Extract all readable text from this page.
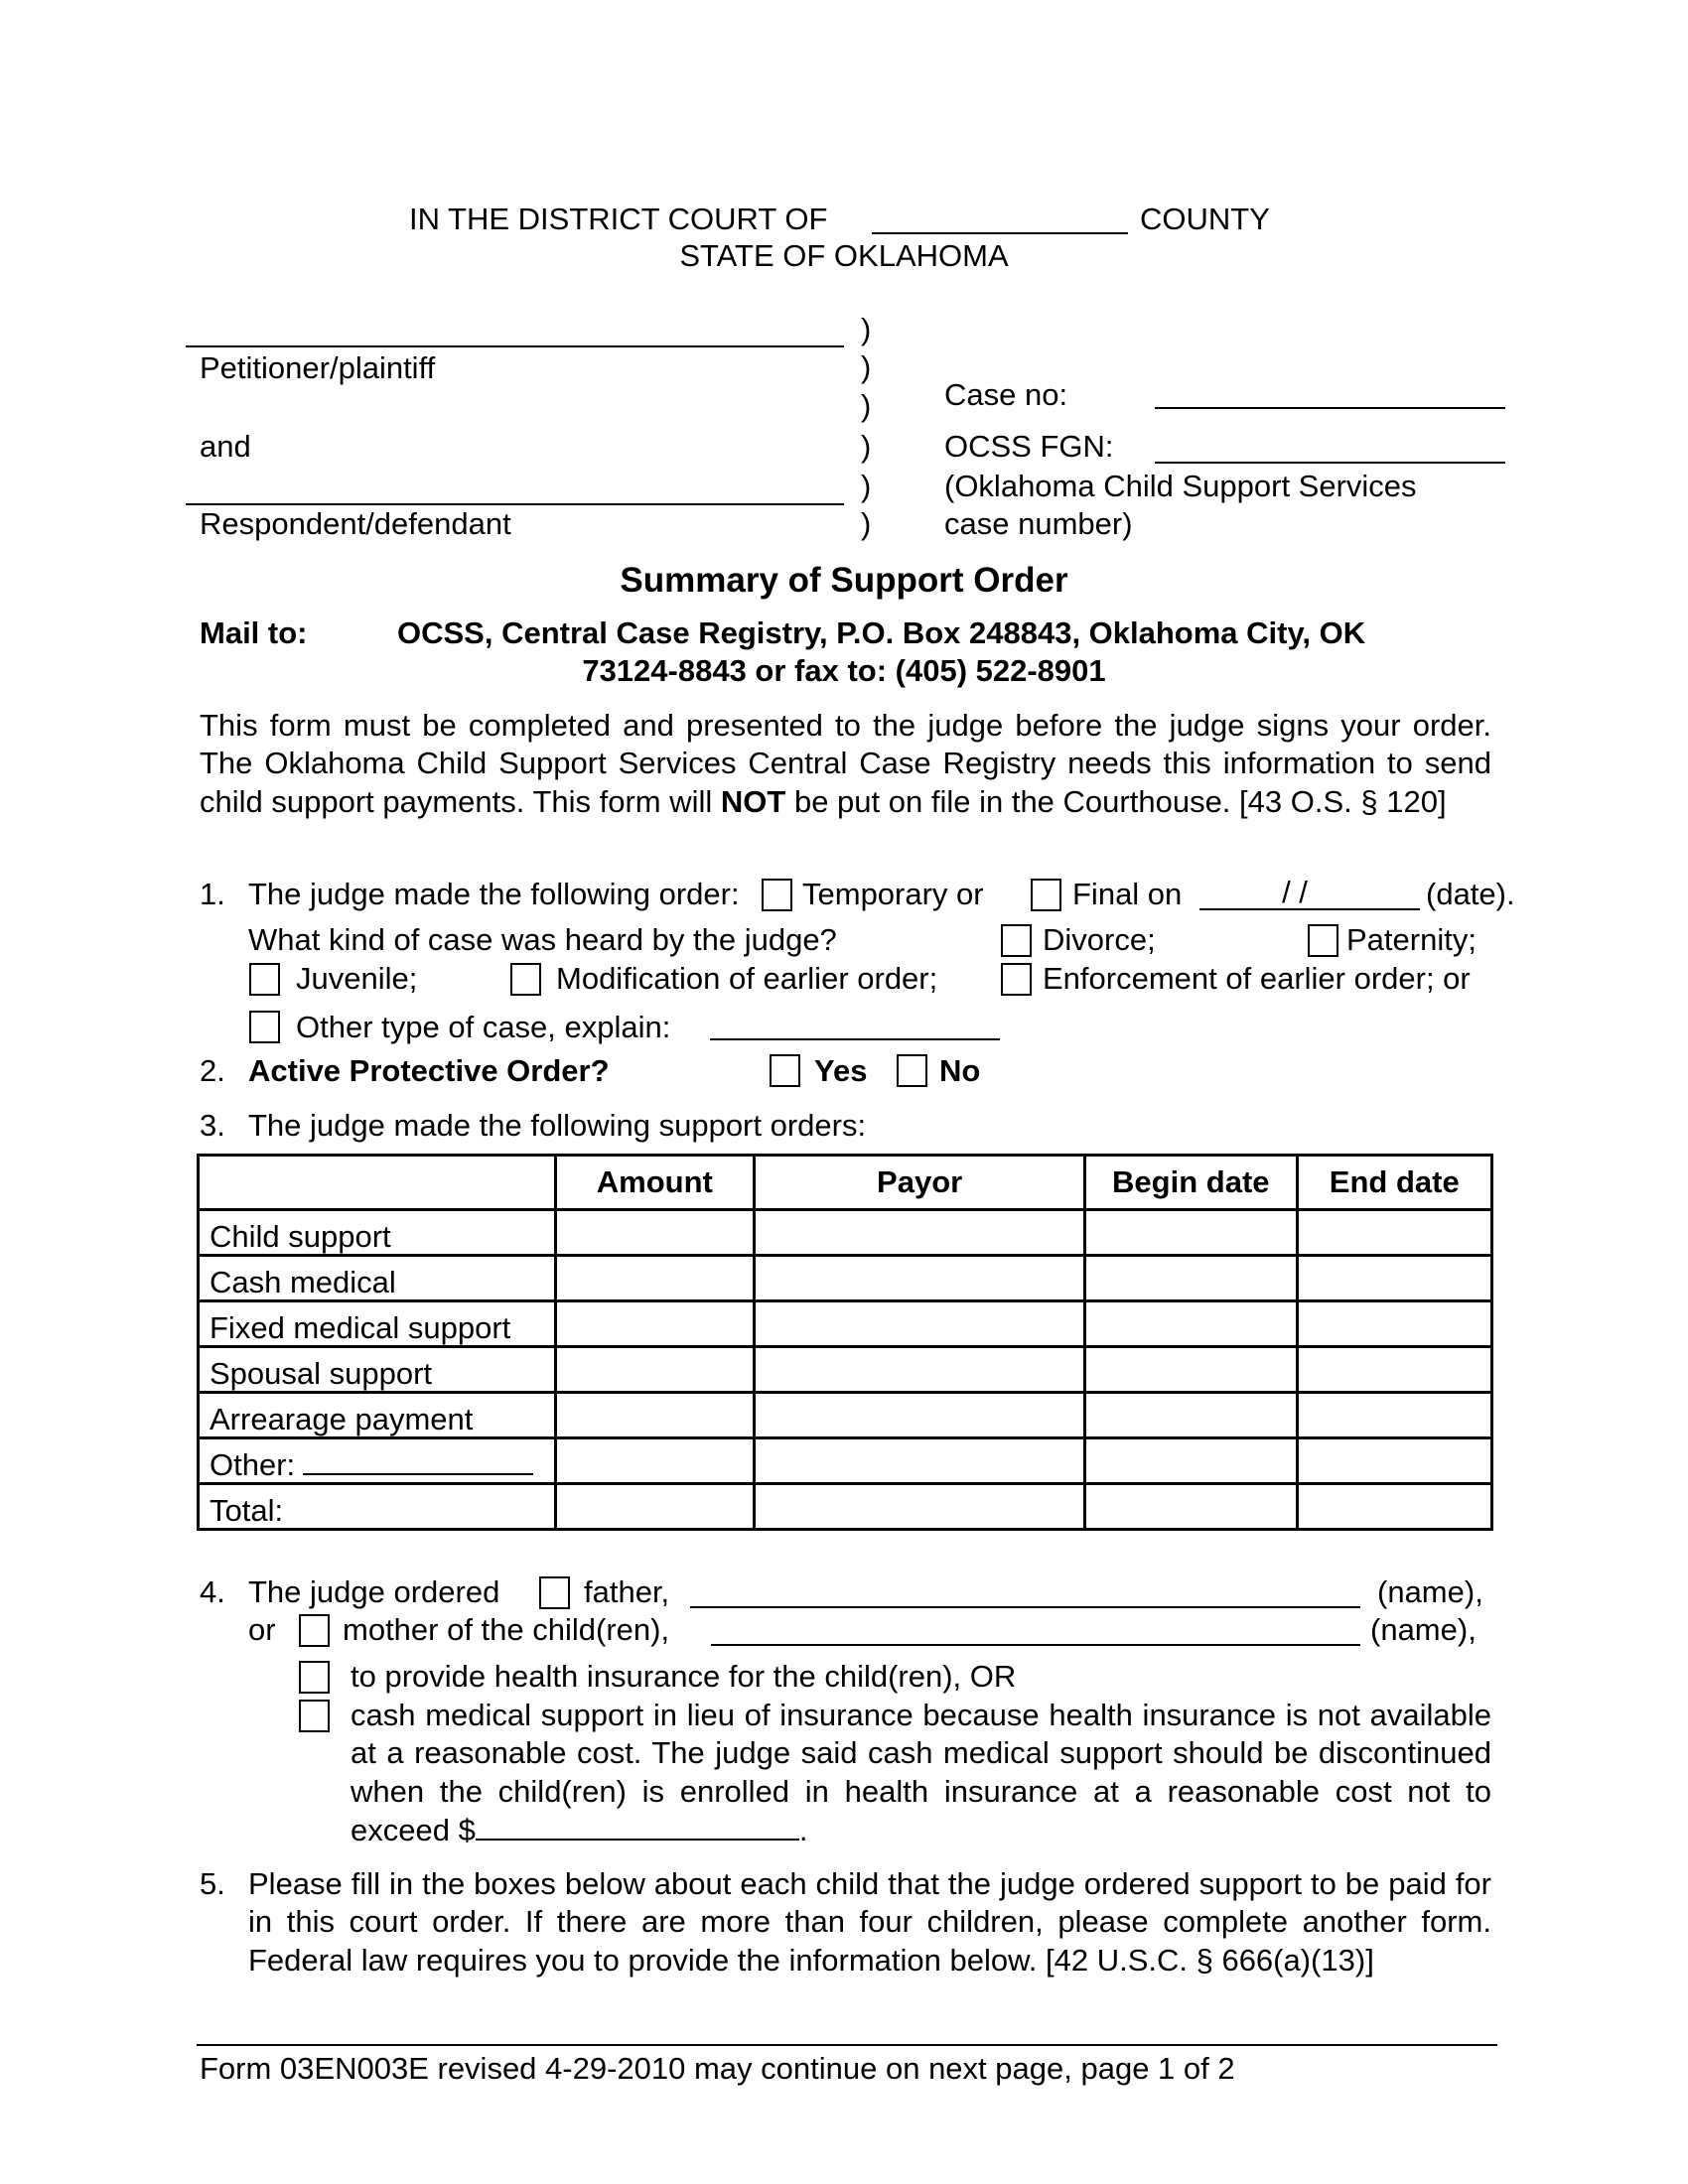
IN THE DISTRICT COURT OF	COUNTY
STATE OF OKLAHOMA
Petitioner/plaintiff
and
Respondent/defendant
)
)
)
)
)
)
Case no:
OCSS FGN:
(Oklahoma Child Support Services
case number)
Summary of Support Order
Mail to:	OCSS, Central Case Registry, P.O. Box 248843, Oklahoma City, OK
73124-8843 or fax to: (405) 522-8901
This form must be completed and presented to the judge before the judge signs your order. The Oklahoma Child Support Services Central Case Registry needs this information to send child support payments. This form will NOT be put on file in the Courthouse. [43 O.S. § 120]
1. The judge made the following order: Temporary or	Final on	/ /	(date).
What kind of case was heard by the judge?	Divorce;	Paternity;
Juvenile;	Modification of earlier order;	Enforcement of earlier order; or
Other type of case, explain:
2. Active Protective Order?	Yes No
3. The judge made the following support orders:
	Amount	Payor	Begin date	End date
Child support				
Cash medical				
Fixed medical support				
Spousal support				
Arrearage payment				
Other:				
Total:				
4. The judge ordered	father,	(name),
or mother of the child(ren),	(name),
to provide health insurance for the child(ren), OR
cash medical support in lieu of insurance because health insurance is not available at a reasonable cost. The judge said cash medical support should be discontinued when the child(ren) is enrolled in health insurance at a reasonable cost not to exceed $	.
5. Please fill in the boxes below about each child that the judge ordered support to be paid for in this court order. If there are more than four children, please complete another form. Federal law requires you to provide the information below. [42 U.S.C. § 666(a)(13)]
Form 03EN003E revised 4-29-2010 may continue on next page, page 1 of 2
